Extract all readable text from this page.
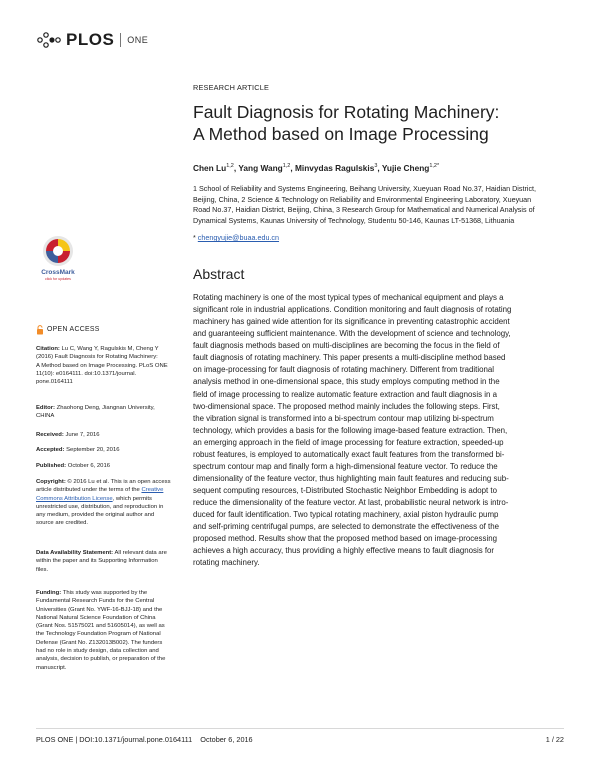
PLOS ONE
RESEARCH ARTICLE
Fault Diagnosis for Rotating Machinery:
A Method based on Image Processing
Chen Lu$^{1,2}$, Yang Wang$^{1,2}$, Minvydas Ragulskis$^3$, Yujie Cheng$^{1,2*}$
1 School of Reliability and Systems Engineering, Beihang University, Xueyuan Road No.37, Haidian District,
Beijing, China, 2 Science & Technology on Reliability and Environmental Engineering Laboratory, Xueyuan
Road No.37, Haidian District, Beijing, China, 3 Research Group for Mathematical and Numerical Analysis of
Dynamical Systems, Kaunas University of Technology, Studentu 50-146, Kaunas LT-51368, Lithuania
* chengyujie@buaa.edu.cn
Abstract
Rotating machinery is one of the most typical types of mechanical equipment and plays a
significant role in industrial applications. Condition monitoring and fault diagnosis of rotating
machinery has gained wide attention for its significance in preventing catastrophic accident
and guaranteeing sufficient maintenance. With the development of science and technology,
fault diagnosis methods based on multi-disciplines are becoming the focus in the field of
fault diagnosis of rotating machinery. This paper presents a multi-discipline method based
on image-processing for fault diagnosis of rotating machinery. Different from traditional
analysis method in one-dimensional space, this study employs computing method in the
field of image processing to realize automatic feature extraction and fault diagnosis in a
two-dimensional space. The proposed method mainly includes the following steps. First,
the vibration signal is transformed into a bi-spectrum contour map utilizing bi-spectrum
technology, which provides a basis for the following image-based feature extraction. Then,
an emerging approach in the field of image processing for feature extraction, speeded-up
robust features, is employed to automatically exact fault features from the transformed bi-
spectrum contour map and finally form a high-dimensional feature vector. To reduce the
dimensionality of the feature vector, thus highlighting main fault features and reducing sub-
sequent computing resources, t-Distributed Stochastic Neighbor Embedding is adopt to
reduce the dimensionality of the feature vector. At last, probabilistic neural network is intro-
duced for fault identification. Two typical rotating machinery, axial piston hydraulic pump
and self-priming centrifugal pumps, are selected to demonstrate the effectiveness of the
proposed method. Results show that the proposed method based on image-processing
achieves a high accuracy, thus providing a highly effective means to fault diagnosis for
rotating machinery.
CrossMark
click for updates
OPEN ACCESS
Citation: Lu C, Wang Y, Ragulskis M, Cheng Y
(2016) Fault Diagnosis for Rotating Machinery:
A Method based on Image Processing. PLoS ONE
11(10): e0164111. doi:10.1371/journal.
pone.0164111
Editor: Zhaohong Deng, Jiangnan University,
CHINA
Received: June 7, 2016
Accepted: September 20, 2016
Published: October 6, 2016
Copyright: © 2016 Lu et al. This is an open access
article distributed under the terms of the Creative
Commons Attribution License, which permits
unrestricted use, distribution, and reproduction in
any medium, provided the original author and
source are credited.
Data Availability Statement: All relevant data are
within the paper and its Supporting Information
files.
Funding: This study was supported by the
Fundamental Research Funds for the Central
Universities (Grant No. YWF-16-BJJ-18) and the
National Natural Science Foundation of China
(Grant Nos. 51575021 and 51605014), as well as
the Technology Foundation Program of National
Defense (Grant No. Z132013B002). The funders
had no role in study design, data collection and
analysis, decision to publish, or preparation of the
manuscript.
PLOS ONE | DOI:10.1371/journal.pone.0164111    October 6, 2016	1 / 22
